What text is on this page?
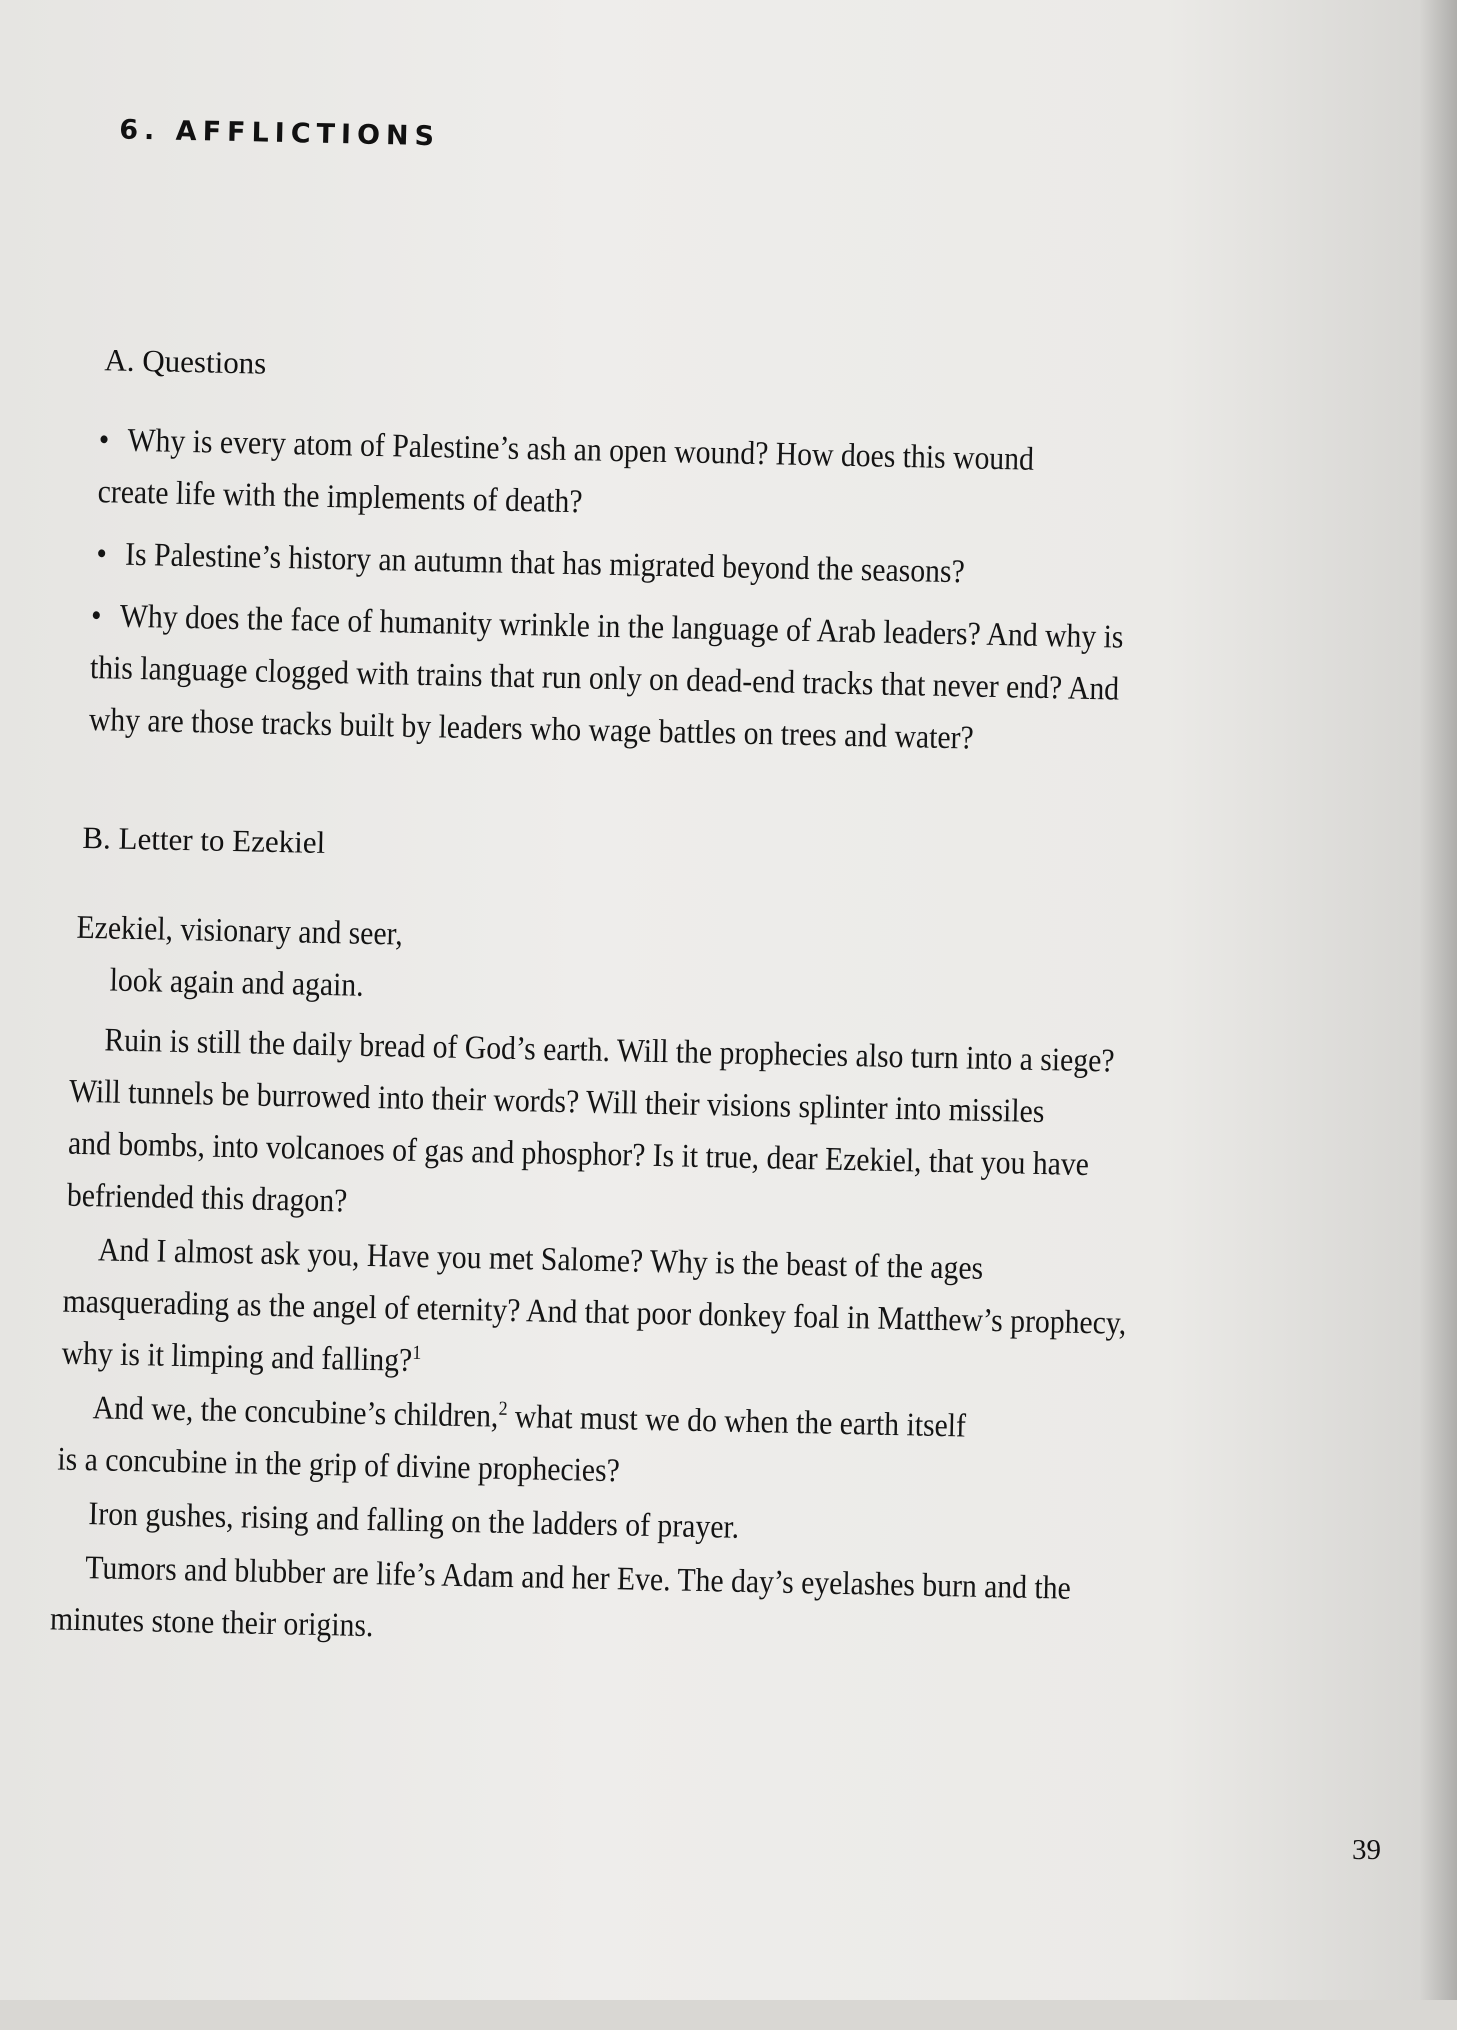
6. AFFLICTIONS
A. Questions
• Why is every atom of Palestine’s ash an open wound? How does this wound
create life with the implements of death?
• Is Palestine’s history an autumn that has migrated beyond the seasons?
• Why does the face of humanity wrinkle in the language of Arab leaders? And why is
this language clogged with trains that run only on dead-end tracks that never end? And
why are those tracks built by leaders who wage battles on trees and water?
B. Letter to Ezekiel
Ezekiel, visionary and seer,
look again and again.
Ruin is still the daily bread of God’s earth. Will the prophecies also turn into a siege?
Will tunnels be burrowed into their words? Will their visions splinter into missiles
and bombs, into volcanoes of gas and phosphor? Is it true, dear Ezekiel, that you have
befriended this dragon?
And I almost ask you, Have you met Salome? Why is the beast of the ages
masquerading as the angel of eternity? And that poor donkey foal in Matthew’s prophecy,
why is it limping and falling?$^1$
And we, the concubine’s children,$^2$ what must we do when the earth itself
is a concubine in the grip of divine prophecies?
Iron gushes, rising and falling on the ladders of prayer.
Tumors and blubber are life’s Adam and her Eve. The day’s eyelashes burn and the
minutes stone their origins.
39
